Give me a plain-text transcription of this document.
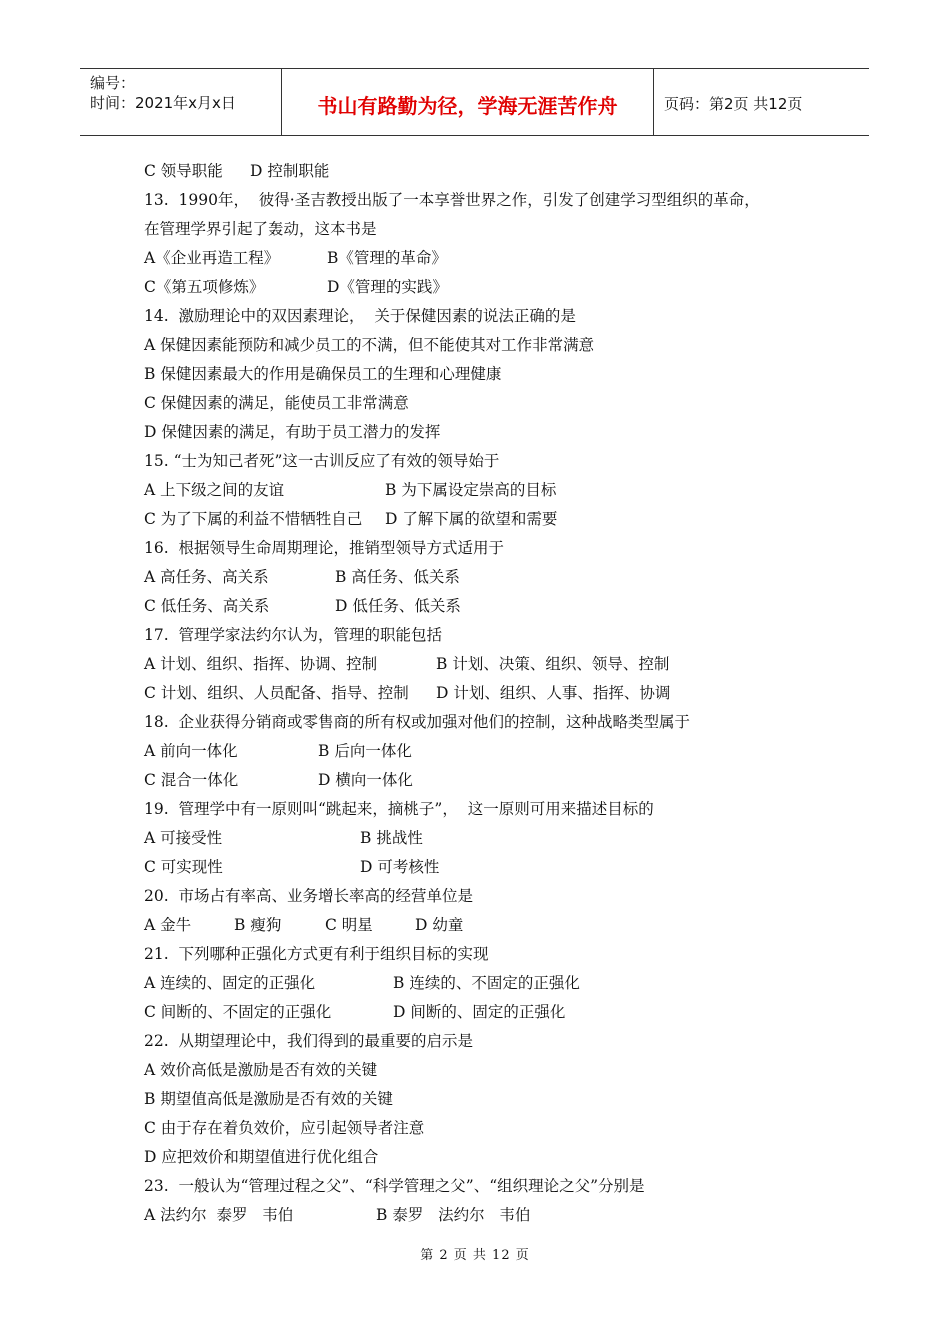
编号：
时间：2021年x月x日	书山有路勤为径，学海无涯苦作舟	页码：第2页 共12页
C 领导职能 D 控制职能
13.  1990年，  彼得·圣吉教授出版了一本享誉世界之作，引发了创建学习型组织的革命，
在管理学界引起了轰动，这本书是
A《企业再造工程》	B《管理的革命》
C《第五项修炼》	D《管理的实践》
14.  激励理论中的双因素理论，  关于保健因素的说法正确的是
A 保健因素能预防和减少员工的不满，但不能使其对工作非常满意
B 保健因素最大的作用是确保员工的生理和心理健康
C 保健因素的满足，能使员工非常满意
D 保健因素的满足，有助于员工潜力的发挥
15. “士为知己者死”这一古训反应了有效的领导始于
A 上下级之间的友谊	B 为下属设定崇高的目标
C 为了下属的利益不惜牺牲自己 D 了解下属的欲望和需要
16.  根据领导生命周期理论，推销型领导方式适用于
A 高任务、高关系	B 高任务、低关系
C 低任务、高关系	D 低任务、低关系
17.  管理学家法约尔认为，管理的职能包括
A 计划、组织、指挥、协调、控制	B 计划、决策、组织、领导、控制
C 计划、组织、人员配备、指导、控制 D 计划、组织、人事、指挥、协调
18.  企业获得分销商或零售商的所有权或加强对他们的控制，这种战略类型属于
A 前向一体化	B 后向一体化
C 混合一体化	D 横向一体化
19.  管理学中有一原则叫“跳起来，摘桃子”，  这一原则可用来描述目标的
A 可接受性	B 挑战性
C 可实现性	D 可考核性
20.  市场占有率高、业务增长率高的经营单位是
A 金牛	B 瘦狗	C 明星	D 幼童
21.  下列哪种正强化方式更有利于组织目标的实现
A 连续的、固定的正强化	B 连续的、不固定的正强化
C 间断的、不固定的正强化	D 间断的、固定的正强化
22.  从期望理论中，我们得到的最重要的启示是
A 效价高低是激励是否有效的关键
B 期望值高低是激励是否有效的关键
C 由于存在着负效价，应引起领导者注意
D 应把效价和期望值进行优化组合
23.  一般认为“管理过程之父”、“科学管理之父”、“组织理论之父”分别是
A 法约尔  泰罗   韦伯	B 泰罗   法约尔   韦伯
第 2 页 共 12 页
